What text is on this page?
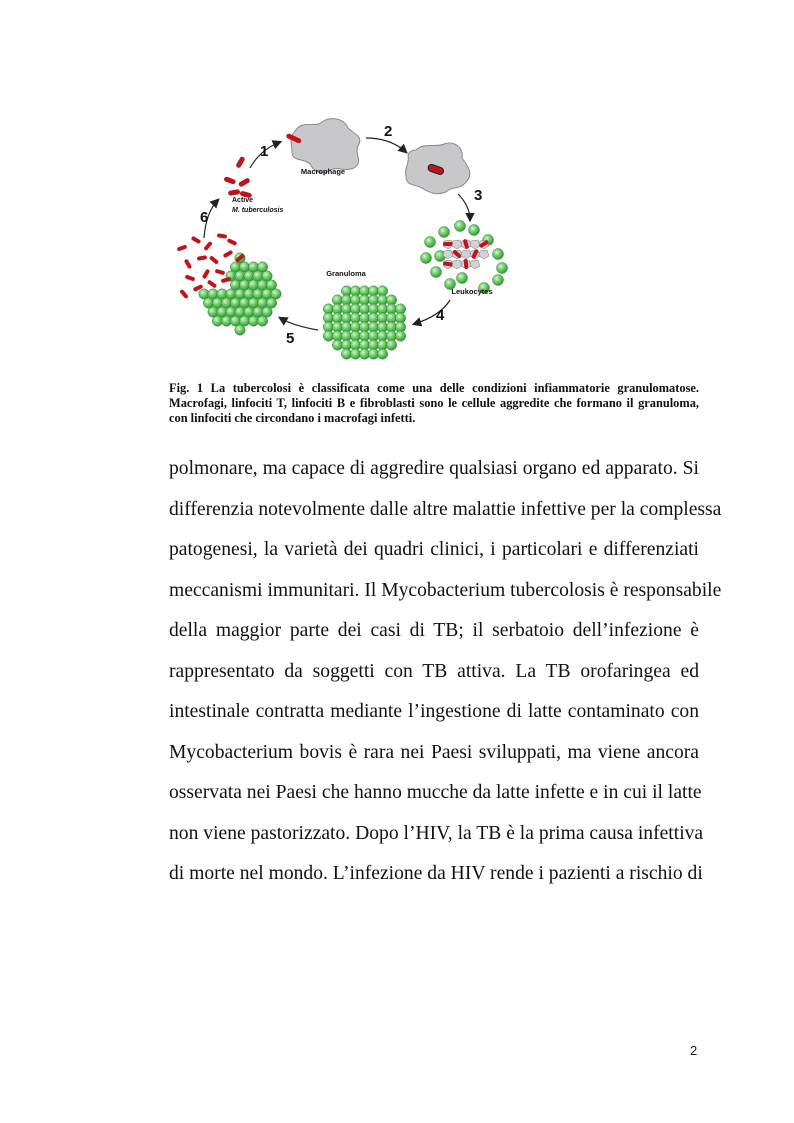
Macrophage
1
2
3
4
5
6
Active
M. tuberculosis
Leukocytes
Granuloma

Fig. 1 La tubercolosi è classificata come una delle condizioni infiammatorie granulomatose. Macrofagi, linfociti T, linfociti B e fibroblasti sono le cellule aggredite che formano il granuloma, con linfociti che circondano i macrofagi infetti.

polmonare, ma capace di aggredire qualsiasi organo ed apparato. Si
differenzia notevolmente dalle altre malattie infettive per la complessa
patogenesi, la varietà dei quadri clinici, i particolari e differenziati
meccanismi immunitari. Il Mycobacterium tubercolosis è responsabile
della maggior parte dei casi di TB; il serbatoio dell’infezione è
rappresentato da soggetti con TB attiva. La TB orofaringea ed
intestinale contratta mediante l’ingestione di latte contaminato con
Mycobacterium bovis è rara nei Paesi sviluppati, ma viene ancora
osservata nei Paesi che hanno mucche da latte infette e in cui il latte
non viene pastorizzato. Dopo l’HIV, la TB è la prima causa infettiva
di morte nel mondo. L’infezione da HIV rende i pazienti a rischio di
2
